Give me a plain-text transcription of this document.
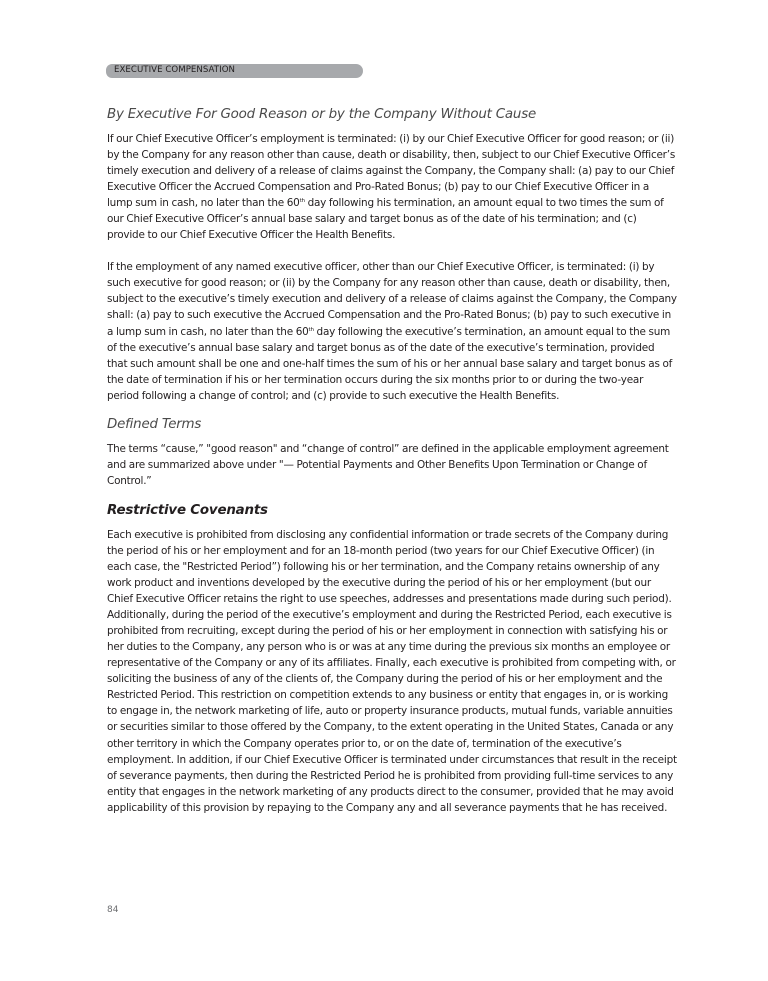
EXECUTIVE COMPENSATION
By Executive For Good Reason or by the Company Without Cause

If our Chief Executive Officer’s employment is terminated: (i) by our Chief Executive Officer for good reason; or (ii) by the Company for any reason other than cause, death or disability, then, subject to our Chief Executive Officer’s timely execution and delivery of a release of claims against the Company, the Company shall: (a) pay to our Chief Executive Officer the Accrued Compensation and Pro-Rated Bonus; (b) pay to our Chief Executive Officer in a lump sum in cash, no later than the 60th day following his termination, an amount equal to two times the sum of our Chief Executive Officer’s annual base salary and target bonus as of the date of his termination; and (c) provide to our Chief Executive Officer the Health Benefits.

If the employment of any named executive officer, other than our Chief Executive Officer, is terminated: (i) by such executive for good reason; or (ii) by the Company for any reason other than cause, death or disability, then, subject to the executive’s timely execution and delivery of a release of claims against the Company, the Company shall: (a) pay to such executive the Accrued Compensation and the Pro-Rated Bonus; (b) pay to such executive in a lump sum in cash, no later than the 60th day following the executive’s termination, an amount equal to the sum of the executive’s annual base salary and target bonus as of the date of the executive’s termination, provided that such amount shall be one and one-half times the sum of his or her annual base salary and target bonus as of the date of termination if his or her termination occurs during the six months prior to or during the two-year period following a change of control; and (c) provide to such executive the Health Benefits.

Defined Terms

The terms “cause,” "good reason" and “change of control” are defined in the applicable employment agreement and are summarized above under "— Potential Payments and Other Benefits Upon Termination or Change of Control.”

Restrictive Covenants

Each executive is prohibited from disclosing any confidential information or trade secrets of the Company during the period of his or her employment and for an 18-month period (two years for our Chief Executive Officer) (in each case, the "Restricted Period”) following his or her termination, and the Company retains ownership of any work product and inventions developed by the executive during the period of his or her employment (but our Chief Executive Officer retains the right to use speeches, addresses and presentations made during such period). Additionally, during the period of the executive’s employment and during the Restricted Period, each executive is prohibited from recruiting, except during the period of his or her employment in connection with satisfying his or her duties to the Company, any person who is or was at any time during the previous six months an employee or representative of the Company or any of its affiliates. Finally, each executive is prohibited from competing with, or soliciting the business of any of the clients of, the Company during the period of his or her employment and the Restricted Period. This restriction on competition extends to any business or entity that engages in, or is working to engage in, the network marketing of life, auto or property insurance products, mutual funds, variable annuities or securities similar to those offered by the Company, to the extent operating in the United States, Canada or any other territory in which the Company operates prior to, or on the date of, termination of the executive’s employment. In addition, if our Chief Executive Officer is terminated under circumstances that result in the receipt of severance payments, then during the Restricted Period he is prohibited from providing full-time services to any entity that engages in the network marketing of any products direct to the consumer, provided that he may avoid applicability of this provision by repaying to the Company any and all severance payments that he has received.

84
